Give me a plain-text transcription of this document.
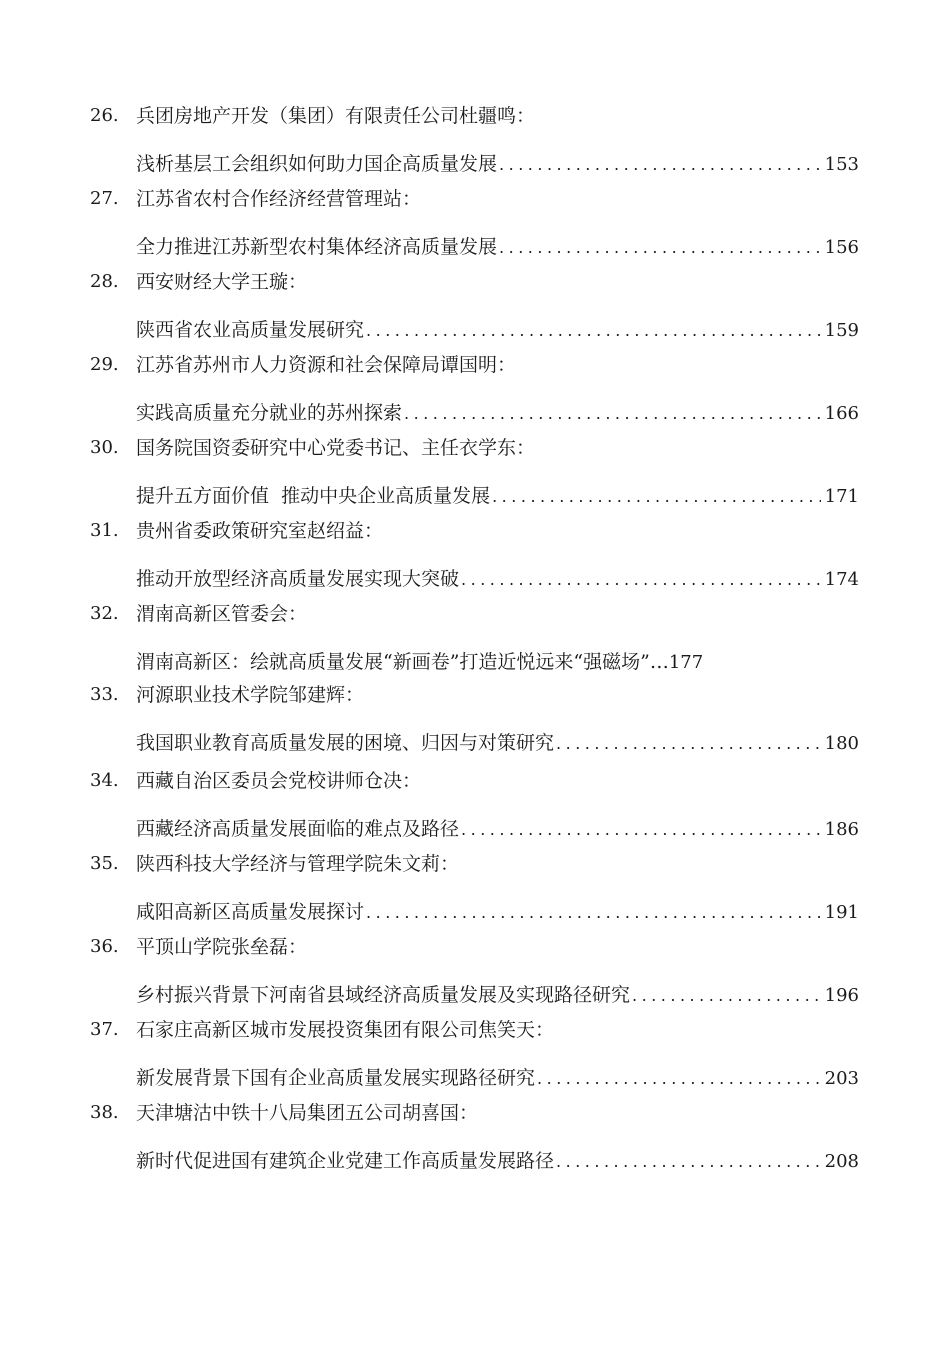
26. 兵团房地产开发（集团）有限责任公司杜疆鸣：
浅析基层工会组织如何助力国企高质量发展 .....	153
27. 江苏省农村合作经济经营管理站：
全力推进江苏新型农村集体经济高质量发展 .....	156
28. 西安财经大学王璇：
陕西省农业高质量发展研究 .....	159
29. 江苏省苏州市人力资源和社会保障局谭国明：
实践高质量充分就业的苏州探索 .....	166
30. 国务院国资委研究中心党委书记、主任衣学东：
提升五方面价值  推动中央企业高质量发展 .....	171
31. 贵州省委政策研究室赵绍益：
推动开放型经济高质量发展实现大突破 .....	174
32. 渭南高新区管委会：
渭南高新区：绘就高质量发展“新画卷”打造近悦远来“强磁场” … 177
33. 河源职业技术学院邹建辉：
我国职业教育高质量发展的困境、归因与对策研究 .....	180
34. 西藏自治区委员会党校讲师仓决：
西藏经济高质量发展面临的难点及路径 .....	186
35. 陕西科技大学经济与管理学院朱文莉：
咸阳高新区高质量发展探讨 .....	191
36. 平顶山学院张垒磊：
乡村振兴背景下河南省县域经济高质量发展及实现路径研究 .....	196
37. 石家庄高新区城市发展投资集团有限公司焦笑天：
新发展背景下国有企业高质量发展实现路径研究 .....	203
38. 天津塘沽中铁十八局集团五公司胡喜国：
新时代促进国有建筑企业党建工作高质量发展路径 .....	208
